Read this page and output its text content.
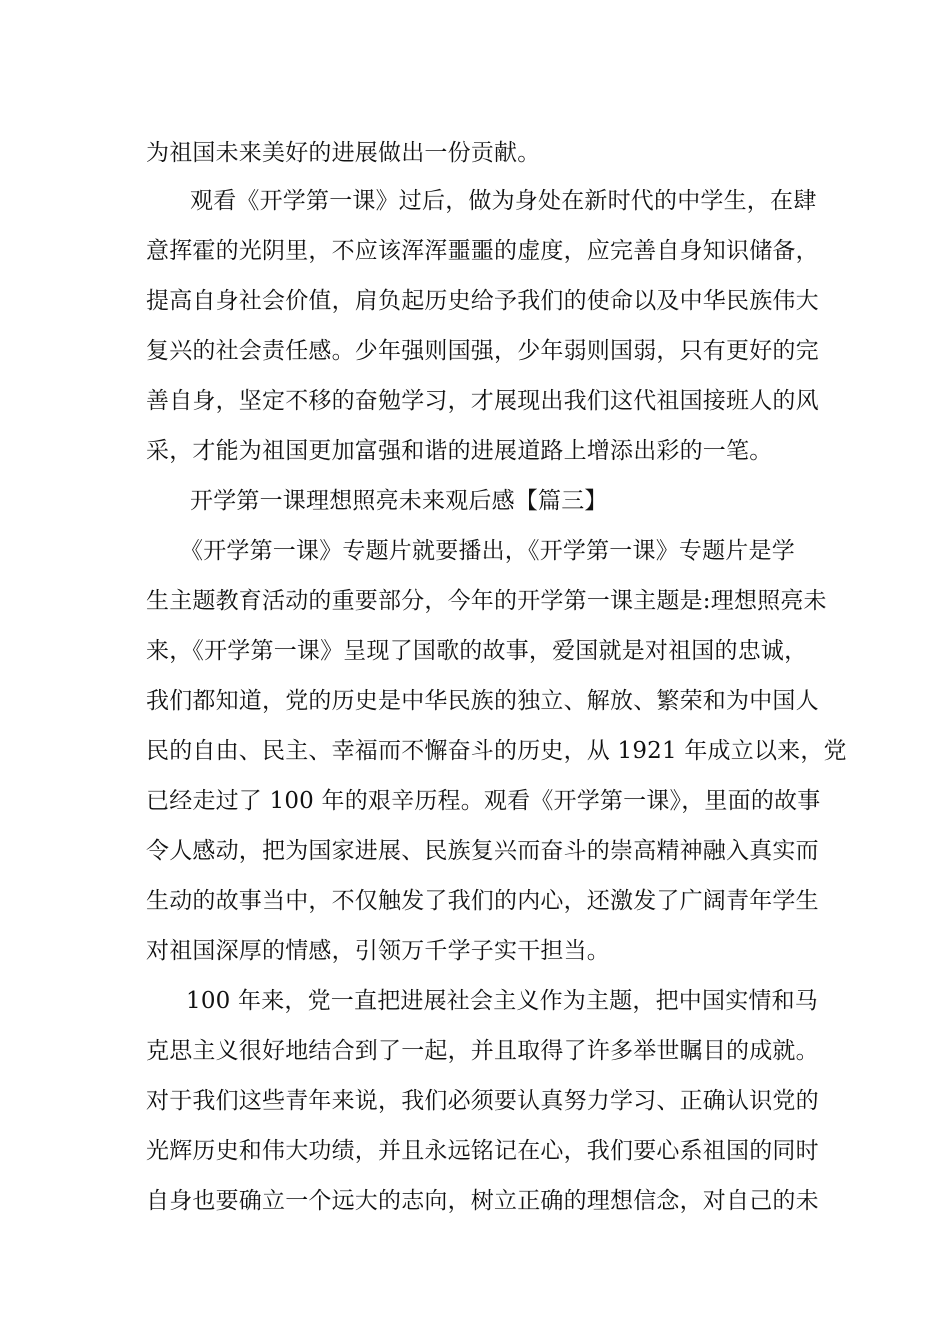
为祖国未来美好的进展做出一份贡献。
观看《开学第一课》过后，做为身处在新时代的中学生，在肆
意挥霍的光阴里，不应该浑浑噩噩的虚度，应完善自身知识储备，
提高自身社会价值，肩负起历史给予我们的使命以及中华民族伟大
复兴的社会责任感。少年强则国强，少年弱则国弱，只有更好的完
善自身，坚定不移的奋勉学习，才展现出我们这代祖国接班人的风
采，才能为祖国更加富强和谐的进展道路上增添出彩的一笔。
开学第一课理想照亮未来观后感【篇三】
《开学第一课》专题片就要播出，《开学第一课》专题片是学
生主题教育活动的重要部分，今年的开学第一课主题是:理想照亮未
来，《开学第一课》呈现了国歌的故事，爱国就是对祖国的忠诚，
我们都知道，党的历史是中华民族的独立、解放、繁荣和为中国人
民的自由、民主、幸福而不懈奋斗的历史，从 1921 年成立以来，党
已经走过了 100 年的艰辛历程。观看《开学第一课》，里面的故事
令人感动，把为国家进展、民族复兴而奋斗的崇高精神融入真实而
生动的故事当中，不仅触发了我们的内心，还激发了广阔青年学生
对祖国深厚的情感，引领万千学子实干担当。
100 年来，党一直把进展社会主义作为主题，把中国实情和马
克思主义很好地结合到了一起，并且取得了许多举世瞩目的成就。
对于我们这些青年来说，我们必须要认真努力学习、正确认识党的
光辉历史和伟大功绩，并且永远铭记在心，我们要心系祖国的同时
自身也要确立一个远大的志向，树立正确的理想信念，对自己的未
